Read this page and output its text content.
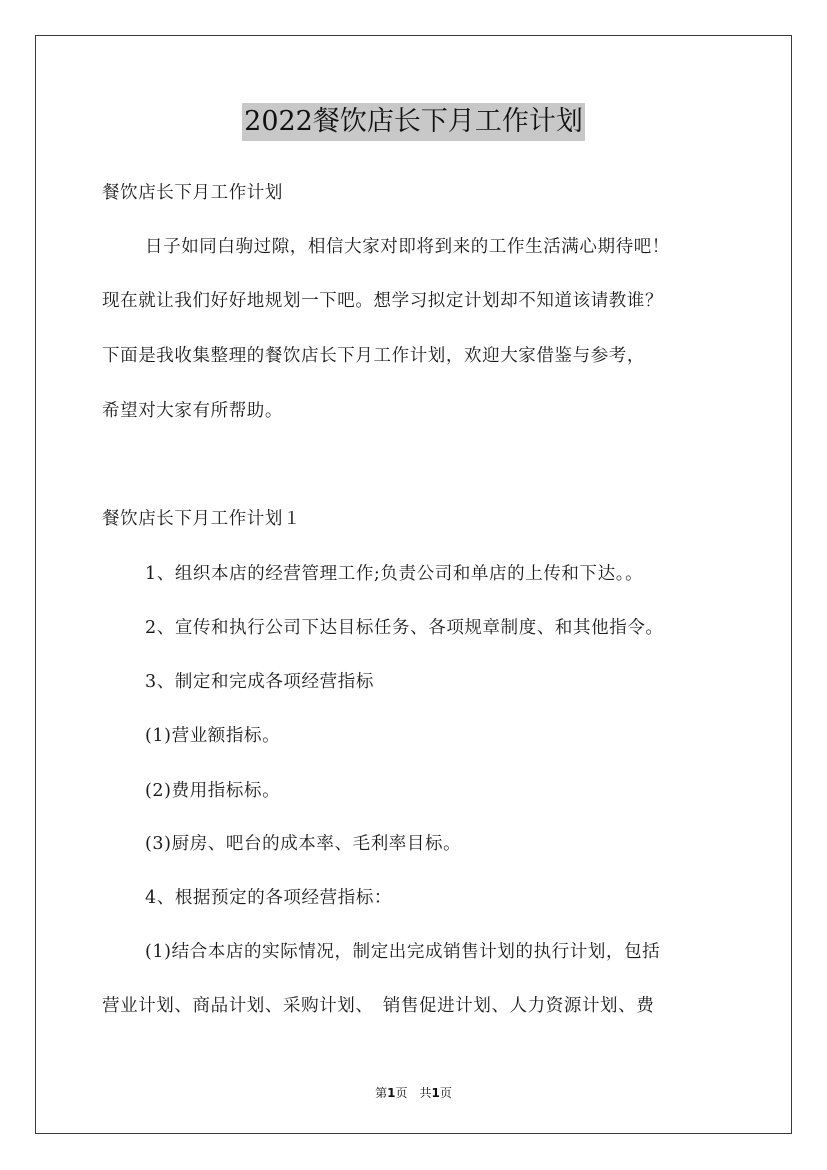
2022餐饮店长下月工作计划
餐饮店长下月工作计划
日子如同白驹过隙，相信大家对即将到来的工作生活满心期待吧！
现在就让我们好好地规划一下吧。想学习拟定计划却不知道该请教谁？
下面是我收集整理的餐饮店长下月工作计划，欢迎大家借鉴与参考，
希望对大家有所帮助。
餐饮店长下月工作计划１
1、组织本店的经营管理工作;负责公司和单店的上传和下达。。
2、宣传和执行公司下达目标任务、各项规章制度、和其他指令。
3、制定和完成各项经营指标
(1)营业额指标。
(2)费用指标标。
(3)厨房、吧台的成本率、毛利率目标。
4、根据预定的各项经营指标：
(1)结合本店的实际情况，制定出完成销售计划的执行计划，包括
营业计划、商品计划、采购计划、　销售促进计划、人力资源计划、费
第1页　共1页
